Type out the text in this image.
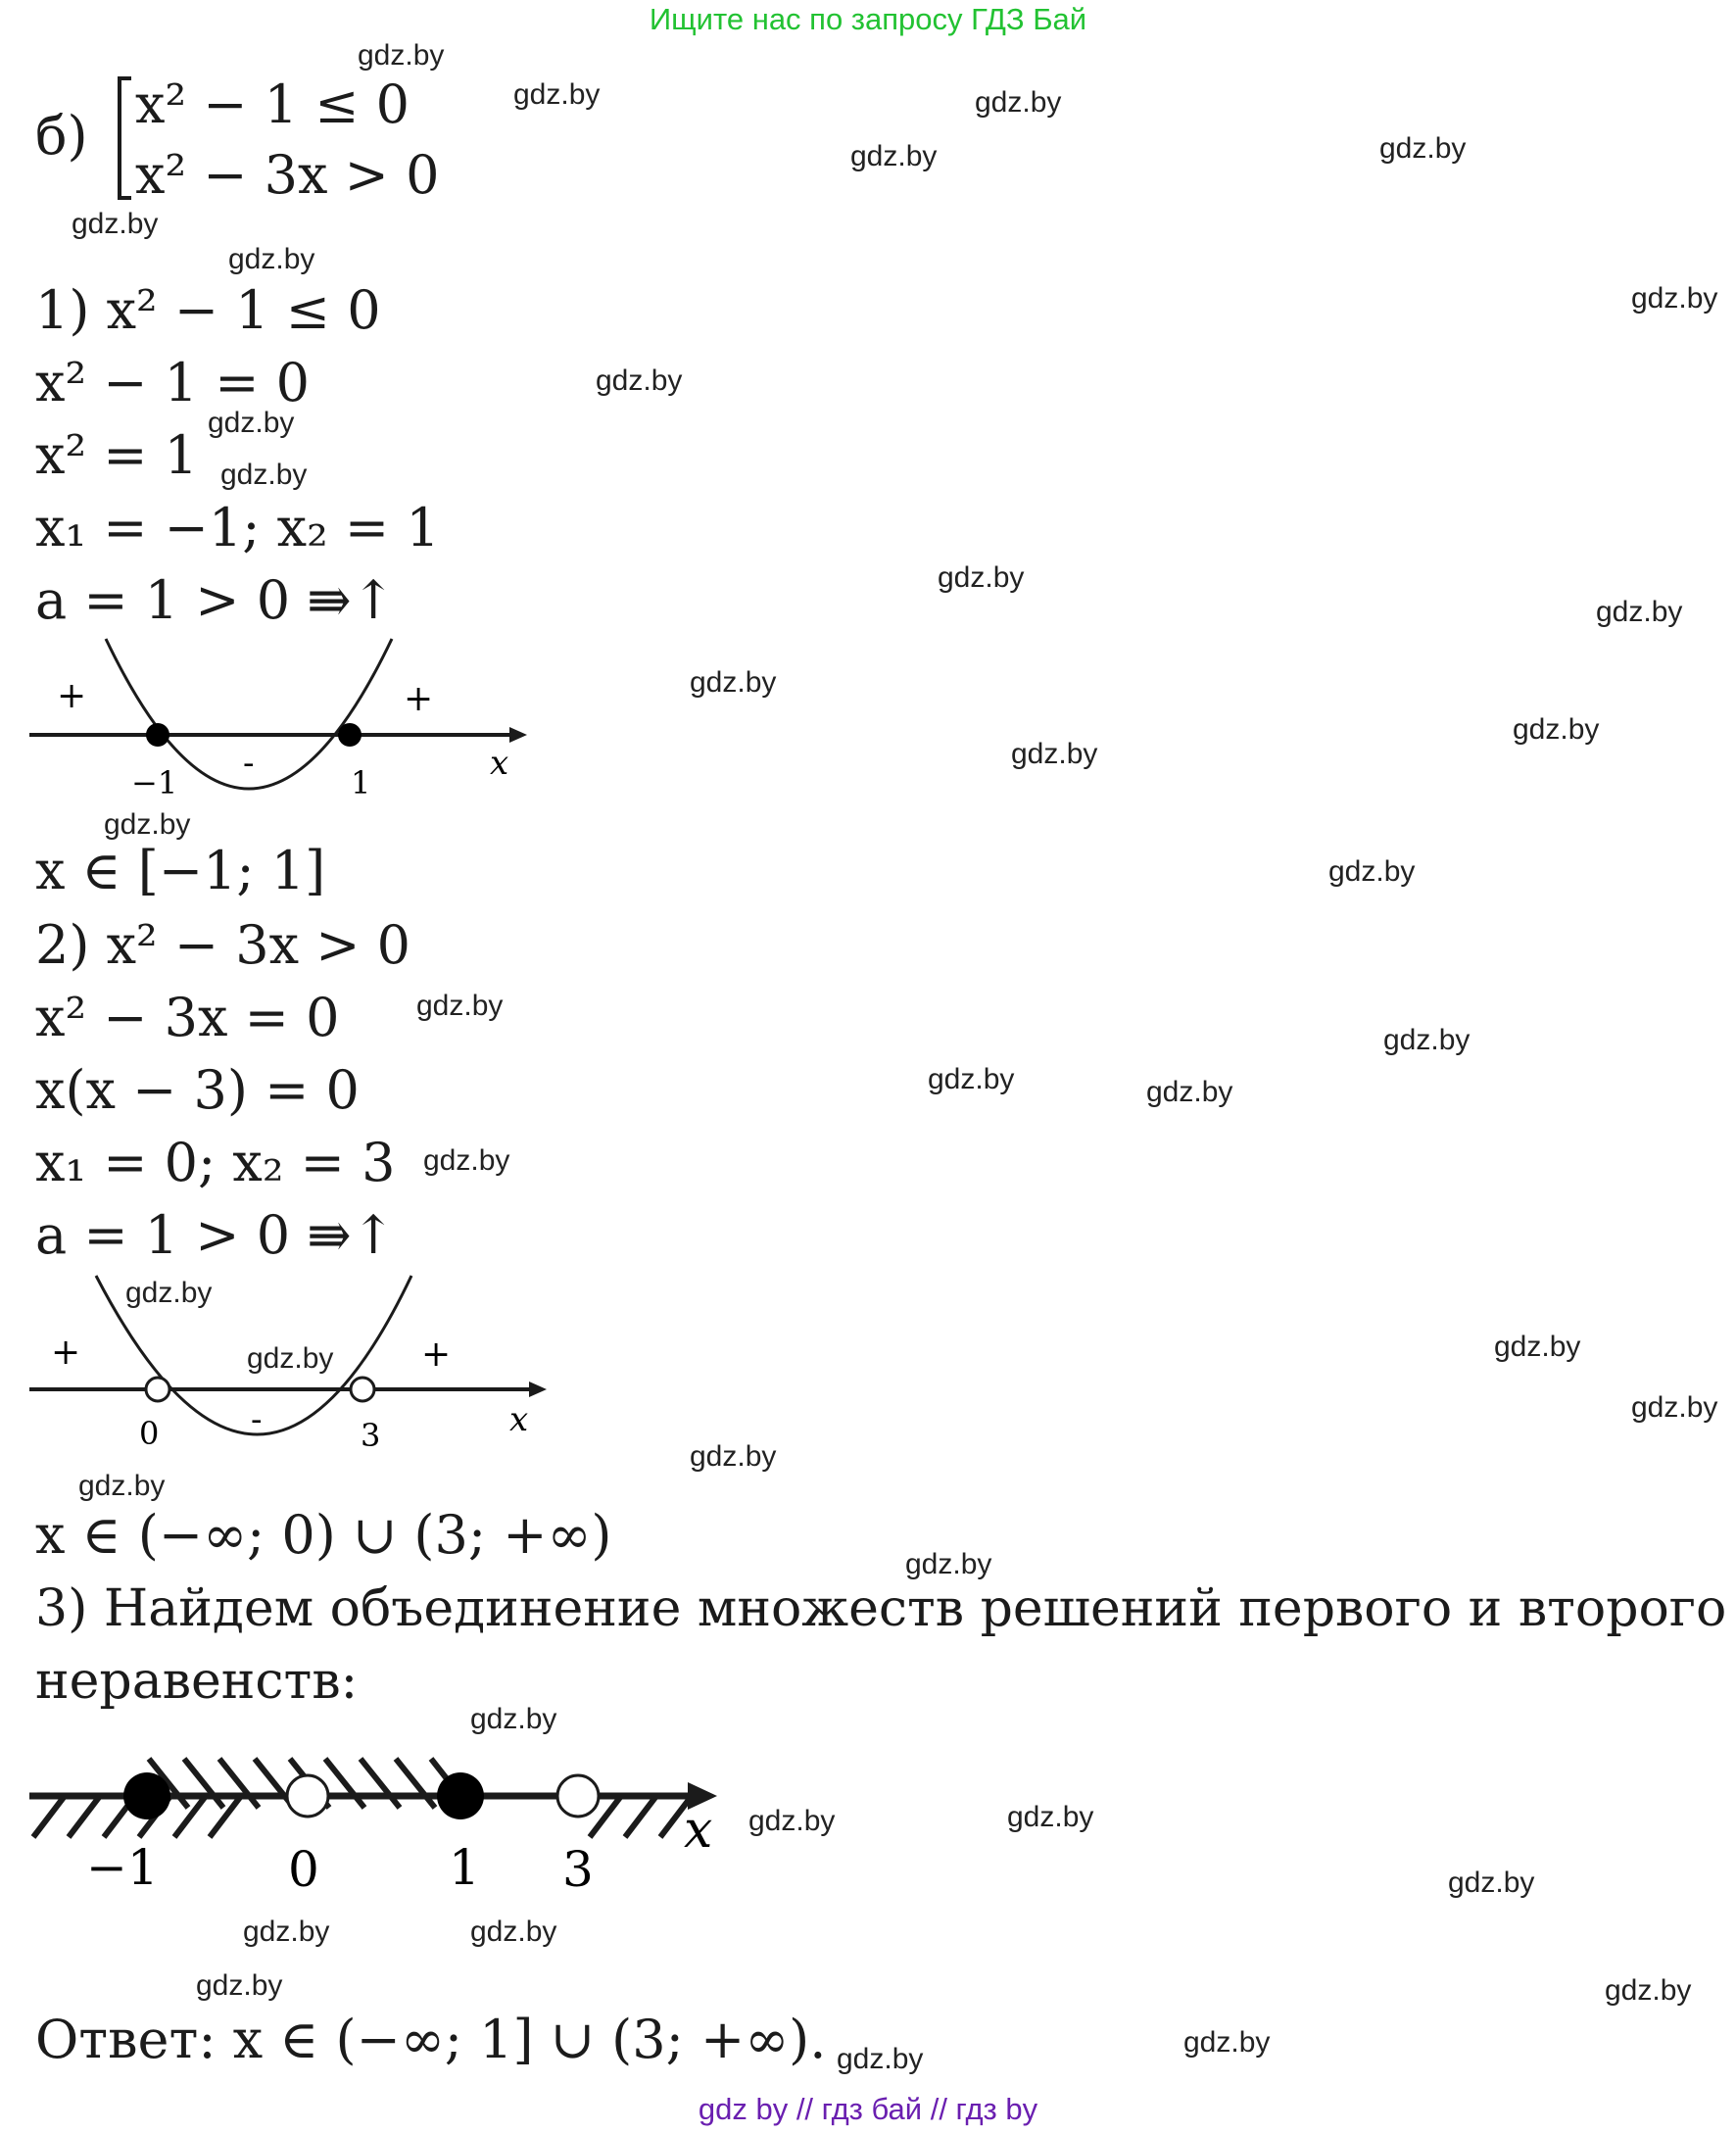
Ищите нас по запросу ГДЗ Бай
gdz.by
gdz.by	gdz.by
gdz.by	gdz.by
gdz.by
gdz.by
gdz.by
gdz.by
gdz.by
gdz.by
gdz.by
gdz.by
gdz.by
gdz.by
gdz.by
gdz.by
gdz.by
gdz.by
gdz.by
gdz.by	gdz.by
gdz.by
gdz.by
gdz.by	gdz.by
gdz.by
gdz.by
gdz.by
gdz.by
gdz.by
gdz.by	gdz.by
gdz.by
gdz.by	gdz.by
gdz.by	gdz.by
gdz.by
gdz.by
б)
x² − 1 ≤ 0
x² − 3x > 0
1) x² − 1 ≤ 0
x² − 1 = 0
x² = 1
x₁ = −1; x₂ = 1
a = 1 > 0 ⇛↑
+
-
+
−1	1	x
x ∈ [−1; 1]
2) x² − 3x > 0
x² − 3x = 0
x(x − 3) = 0
x₁ = 0; x₂ = 3
a = 1 > 0 ⇛↑
+
-
+
0	3	x
x ∈ (−∞; 0) ∪ (3; +∞)
3) Найдем объединение множеств решений первого и второго
неравенств:
−1	0	1 3
x
Ответ: x ∈ (−∞; 1] ∪ (3; +∞).
gdz by // гдз бай // гдз by
